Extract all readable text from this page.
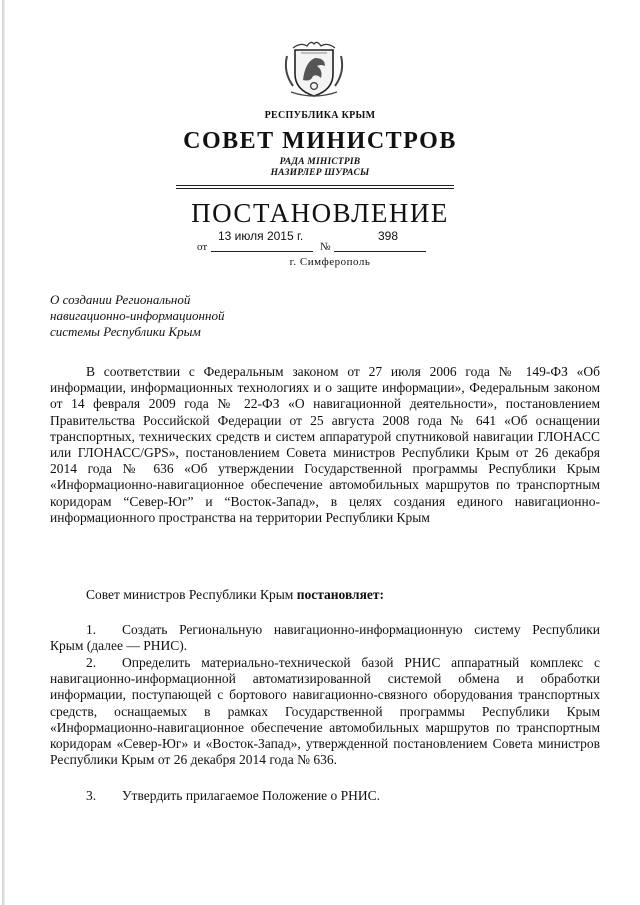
РЕСПУБЛИКА КРЫМ
СОВЕТ МИНИСТРОВ
РАДА МІНІСТРІВ
НАЗИРЛЕР ШУРАСЫ
ПОСТАНОВЛЕНИЕ
от
13 июля 2015 г.
№
398
г. Симферополь
О создании Региональной
навигационно-информационной
системы Республики Крым
В соответствии с Федеральным законом от 27 июля 2006 года № 149-ФЗ «Об информации, информационных технологиях и о защите информации», Федеральным законом от 14 февраля 2009 года № 22-ФЗ «О навигационной деятельности», постановлением Правительства Российской Федерации от 25 августа 2008 года № 641 «Об оснащении транспортных, технических средств и систем аппаратурой спутниковой навигации ГЛОНАСС или ГЛОНАСС/GPS», постановлением Совета министров Республики Крым от 26 декабря 2014 года № 636 «Об утверждении Государственной программы Республики Крым «Информационно-навигационное обеспечение автомобильных маршрутов по транспортным коридорам “Север-Юг” и “Восток-Запад», в целях создания единого навигационно-информационного пространства на территории Республики Крым
Совет министров Республики Крым постановляет:
1. Создать Региональную навигационно-информационную систему Республики Крым (далее — РНИС).
2. Определить материально-технической базой РНИС аппаратный комплекс с навигационно-информационной автоматизированной системой обмена и обработки информации, поступающей с бортового навигационно-связного оборудования транспортных средств, оснащаемых в рамках Государственной программы Республики Крым «Информационно-навигационное обеспечение автомобильных маршрутов по транспортным коридорам «Север-Юг» и «Восток-Запад», утвержденной постановлением Совета министров Республики Крым от 26 декабря 2014 года № 636.
3. Утвердить прилагаемое Положение о РНИС.
